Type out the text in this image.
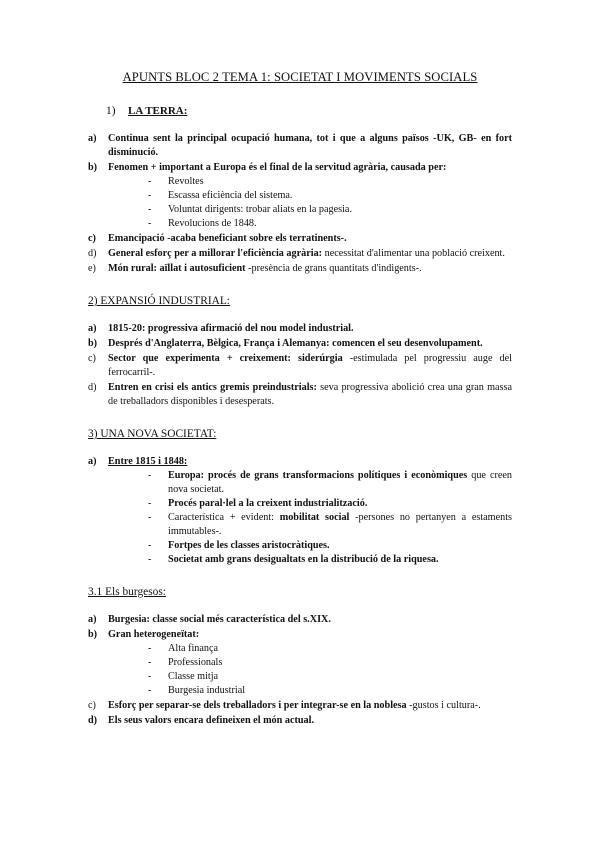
APUNTS BLOC 2 TEMA 1: SOCIETAT I MOVIMENTS SOCIALS
1) LA TERRA:
a) Continua sent la principal ocupació humana, tot i que a alguns països -UK, GB- en fort disminució.
b) Fenomen + important a Europa és el final de la servitud agrària, causada per:
- Revoltes
- Escassa eficiència del sistema.
- Voluntat dirigents: trobar aliats en la pagesia.
- Revolucions de 1848.
c) Emancipació -acaba beneficiant sobre els terratinents-.
d) General esforç per a millorar l'eficiència agrària: necessitat d'alimentar una població creixent.
e) Món rural: aïllat i autosuficient -presència de grans quantitats d'indigents-.
2) EXPANSIÓ INDUSTRIAL:
a) 1815-20: progressiva afirmació del nou model industrial.
b) Després d'Anglaterra, Bèlgica, França i Alemanya: comencen el seu desenvolupament.
c) Sector que experimenta + creixement: siderúrgia -estimulada pel progressiu auge del ferrocarril-.
d) Entren en crisi els antics gremis preindustrials: seva progressiva abolició crea una gran massa de treballadors disponibles i desesperats.
3) UNA NOVA SOCIETAT:
a) Entre 1815 i 1848:
- Europa: procés de grans transformacions polítiques i econòmiques que creen nova societat.
- Procés paral·lel a la creixent industrialització.
- Característica + evident: mobilitat social -persones no pertanyen a estaments immutables-.
- Fortpes de les classes aristocràtiques.
- Societat amb grans desigualtats en la distribució de la riquesa.
3.1 Els burgesos:
a) Burgesia: classe social més característica del s.XIX.
b) Gran heterogeneïtat:
- Alta finança
- Professionals
- Classe mitja
- Burgesia industrial
c) Esforç per separar-se dels treballadors i per integrar-se en la noblesa -gustos i cultura-.
d) Els seus valors encara defineixen el món actual.
